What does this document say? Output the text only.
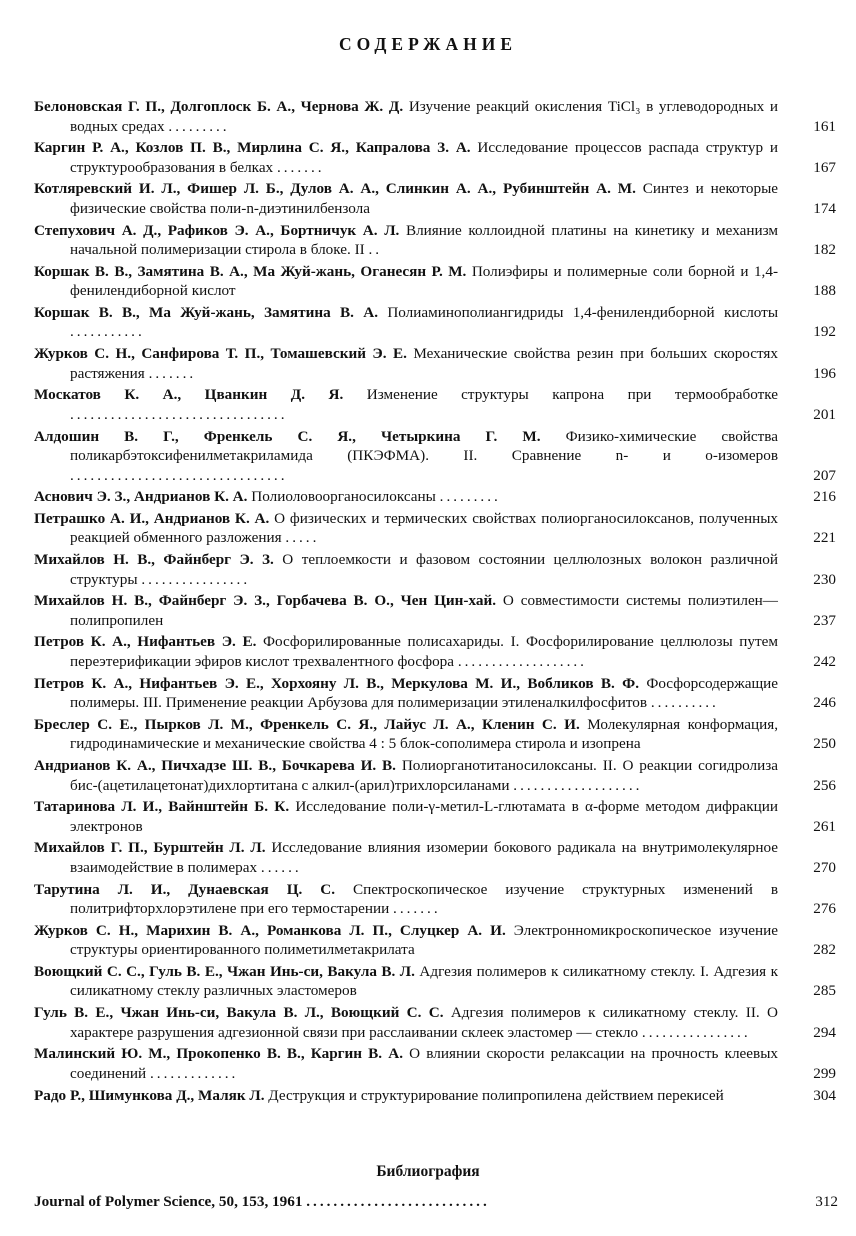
СОДЕРЖАНИЕ
Белоновская Г. П., Долгоплоск Б. А., Чернова Ж. Д. Изучение реакций окисления TiCl₃ в углеводородных и водных средах .........	161
Каргин Р. А., Козлов П. В., Мирлина С. Я., Капралова З. А. Исследование процессов распада структур и структурообразования в белках .......	167
Котляревский И. Л., Фишер Л. Б., Дулов А. А., Слинкин А. А., Рубинштейн А. М. Синтез и некоторые физические свойства поли-n-диэтинилбензола	174
Степухович А. Д., Рафиков Э. А., Бортничук А. Л. Влияние коллоидной платины на кинетику и механизм начальной полимеризации стирола в блоке. II ..	182
Коршак В. В., Замятина В. А., Ма Жуй-жань, Оганесян Р. М. Полиэфиры и полимерные соли борной и 1,4-фенилендиборной кислот	188
Коршак В. В., Ма Жуй-жань, Замятина В. А. Полиаминополиангидриды 1,4-фенилендиборной кислоты ...........	192
Журков С. Н., Санфирова Т. П., Томашевский Э. Е. Механические свойства резин при больших скоростях растяжения .......	196
Москатов К. А., Цванкин Д. Я. Изменение структуры капрона при термообработке ................................	201
Алдошин В. Г., Френкель С. Я., Четыркина Г. М. Физико-химические свойства поликарбэтоксифенилметакриламида (ПКЭФМА). II. Сравнение n- и o-изомеров ................................	207
Аснович Э. З., Андрианов К. А. Полиоловоорганосилоксаны .........	216
Петрашко А. И., Андрианов К. А. О физических и термических свойствах полиорганосилоксанов, полученных реакцией обменного разложения .....	221
Михайлов Н. В., Файнберг Э. З. О теплоемкости и фазовом состоянии целлюлозных волокон различной структуры ................	230
Михайлов Н. В., Файнберг Э. З., Горбачева В. О., Чен Цин-хай. О совместимости системы полиэтилен—полипропилен	237
Петров К. А., Нифантьев Э. Е. Фосфорилированные полисахариды. I. Фосфорилирование целлюлозы путем переэтерификации эфиров кислот трехвалентного фосфора ...................	242
Петров К. А., Нифантьев Э. Е., Хорхояну Л. В., Меркулова М. И., Вобликов В. Ф. Фосфорсодержащие полимеры. III. Применение реакции Арбузова для полимеризации этиленалкилфосфитов ..........	246
Бреслер С. Е., Пырков Л. М., Френкель С. Я., Лайус Л. А., Кленин С. И. Молекулярная конформация, гидродинамические и механические свойства 4 : 5 блок-сополимера стирола и изопрена	250
Андрианов К. А., Пичхадзе Ш. В., Бочкарева И. В. Полиорганотитаносилоксаны. II. О реакции согидролиза бис-(ацетилацетонат)дихлортитана с алкил-(арил)трихлорсиланами ...................	256
Татаринова Л. И., Вайнштейн Б. К. Исследование поли-γ-метил-L-глютамата в α-форме методом дифракции электронов	261
Михайлов Г. П., Бурштейн Л. Л. Исследование влияния изомерии бокового радикала на внутримолекулярное взаимодействие в полимерах ......	270
Тарутина Л. И., Дунаевская Ц. С. Спектроскопическое изучение структурных изменений в политрифторхлорэтилене при его термостарении .......	276
Журков С. Н., Марихин В. А., Романкова Л. П., Слуцкер А. И. Электронномикроскопическое изучение структуры ориентированного полиметилметакрилата	282
Воющкий С. С., Гуль В. Е., Чжан Инь-си, Вакула В. Л. Адгезия полимеров к силикатному стеклу. I. Адгезия к силикатному стеклу различных эластомеров	285
Гуль В. Е., Чжан Инь-си, Вакула В. Л., Воющкий С. С. Адгезия полимеров к силикатному стеклу. II. О характере разрушения адгезионной связи при расслаивании склеек эластомер — стекло ................	294
Малинский Ю. М., Прокопенко В. В., Каргин В. А. О влиянии скорости релаксации на прочность клеевых соединений .............	299
Радо Р., Шимункова Д., Маляк Л. Деструкция и структурирование полипропилена действием перекисей	304
Библиография
Journal of Polymer Science, 50, 153, 1961 ...........................	312
